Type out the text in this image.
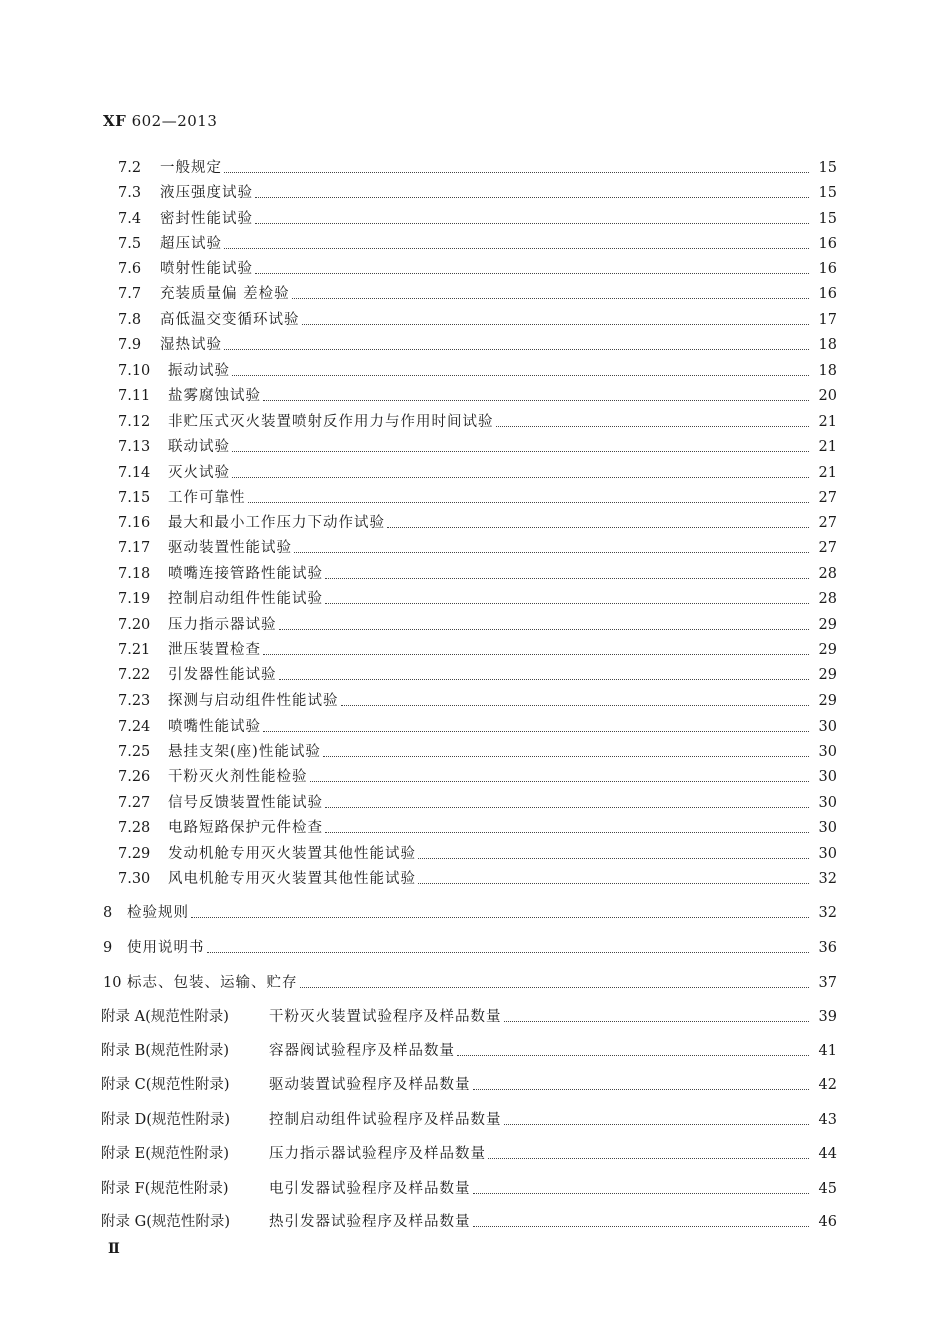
XF 602—2013
7.2	一般规定	15
7.3	液压强度试验	15
7.4	密封性能试验	15
7.5	超压试验	16
7.6	喷射性能试验	16
7.7	充装质量偏 差检验	16
7.8	高低温交变循环试验	17
7.9	湿热试验	18
7.10	振动试验	18
7.11	盐雾腐蚀试验	20
7.12	非贮压式灭火装置喷射反作用力与作用时间试验	21
7.13	联动试验	21
7.14	灭火试验	21
7.15	工作可靠性	27
7.16	最大和最小工作压力下动作试验	27
7.17	驱动装置性能试验	27
7.18	喷嘴连接管路性能试验	28
7.19	控制启动组件性能试验	28
7.20	压力指示器试验	29
7.21	泄压装置检查	29
7.22	引发器性能试验	29
7.23	探测与启动组件性能试验	29
7.24	喷嘴性能试验	30
7.25	悬挂支架(座)性能试验	30
7.26	干粉灭火剂性能检验	30
7.27	信号反馈装置性能试验	30
7.28	电路短路保护元件检查	30
7.29	发动机舱专用灭火装置其他性能试验	30
7.30	风电机舱专用灭火装置其他性能试验	32
8	检验规则	32
9	使用说明书	36
10 标志、包装、运输、贮存	37
附录 A(规范性附录)	干粉灭火装置试验程序及样品数量	39
附录 B(规范性附录)	容器阀试验程序及样品数量	41
附录 C(规范性附录)	驱动装置试验程序及样品数量	42
附录 D(规范性附录)	控制启动组件试验程序及样品数量	43
附录 E(规范性附录)	压力指示器试验程序及样品数量	44
附录 F(规范性附录)	电引发器试验程序及样品数量	45
附录 G(规范性附录)	热引发器试验程序及样品数量	46
Ⅱ
